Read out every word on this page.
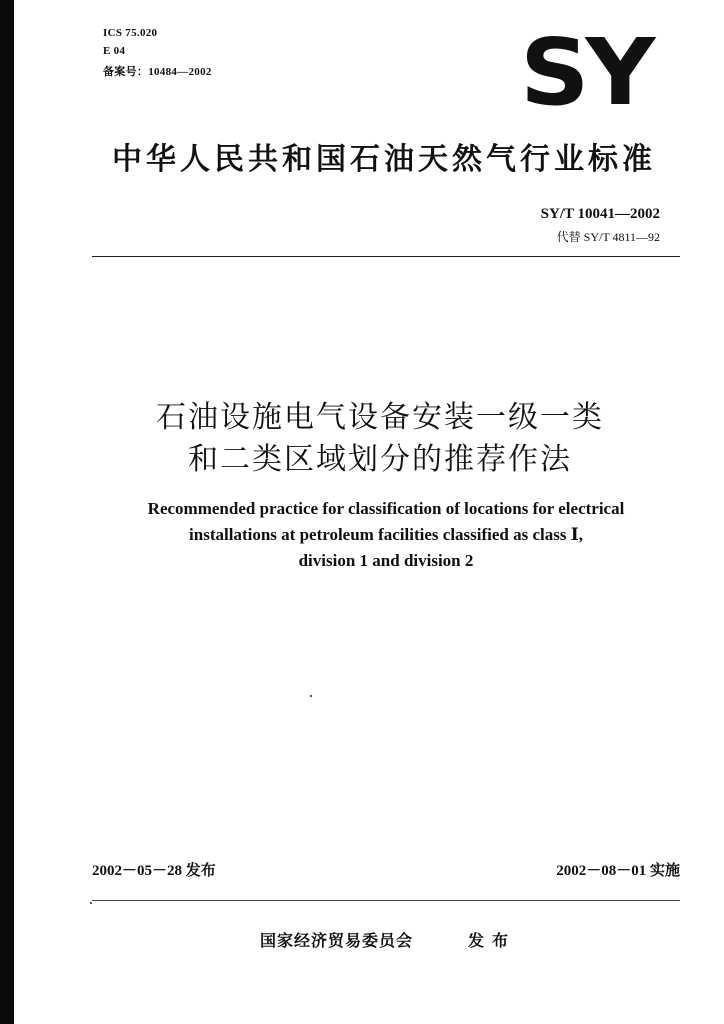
ICS 75.020
E 04
备案号：10484—2002	SY
中华人民共和国石油天然气行业标准
SY/T 10041—2002
代替 SY/T 4811—92
石油设施电气设备安装一级一类
和二类区域划分的推荐作法
Recommended practice for classification of locations for electrical
installations at petroleum facilities classified as class Ⅰ,
division 1 and division 2
2002－05－28 发布	2002－08－01 实施
国家经济贸易委员会	发布
